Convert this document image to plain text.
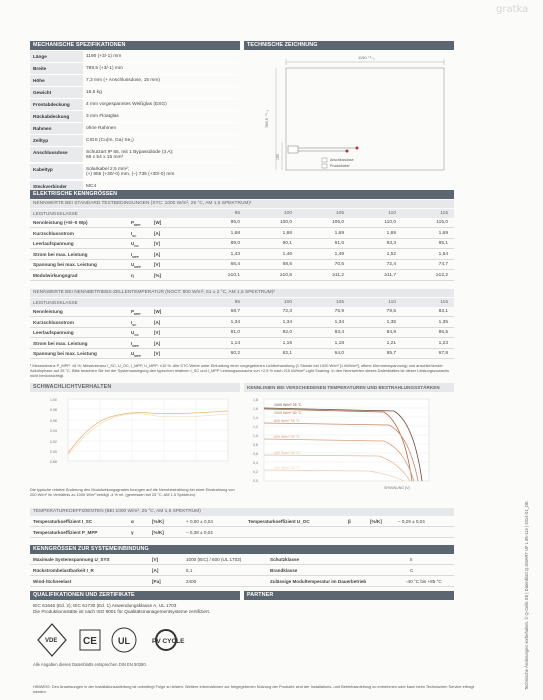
gratka
MECHANISCHE SPEZIFIKATIONEN	TECHNISCHE ZEICHNUNG
Länge	1190 (+3/-1) mm
Breite	789,5 (+3/-1) mm
Höhe	7,3 mm (+ Anschlussdose, 15 mm)
Gewicht	16,5 kg
Frontabdeckung	4 mm vorgespanntes Weißglas (ESG)
Rückabdeckung	3 mm Floatglas
Rahmen	ohne Rahmen
Zelltyp	CIGS (Cu(In, Ga) Se₂)
Anschlussdose	Schutzart IP 65, mit 1 Bypassdiode (3 A);
66 x 54 x 15 mm³
Kabeltyp	Solarkabel 2,5 mm²;
(+) 855 (+30/-0) mm, (–) 735 (+30/-0) mm
Steckverbinder	MC4
1190 ⁺³₋₁
789,5 ⁺³₋₁
150	Anschlussdose
Produktlabel
ELEKTRISCHE KENNGRÖSSEN
NENNWERTE BEI STANDARD TESTBEDINGUNGEN (STC: 1000 W/m², 25 °C, AM 1,5 SPEKTRUM)¹
LEISTUNGSKLASSE	95	100	105	110	115
Nennleistung (+5/–0 Wp)	$P_{MPP}$	[W]	95,0	100,0	105,0	110,0	115,0
Kurzschlussstrom	$I_{SC}$	[A]	1,68	1,68	1,69	1,69	1,69
Leerlaufspannung	$U_{OC}$	[V]	89,0	90,1	91,6	93,3	95,1
Strom bei max. Leistung	$I_{MPP}$	[A]	1,43	1,46	1,49	1,52	1,54
Spannung bei max. Leistung	$U_{MPP}$	[V]	66,4	68,5	70,5	72,4	74,7
Modulwirkungsgrad	η	[%]	≥10,1	≥10,6	≥11,2	≥11,7	≥12,2
NENNWERTE BEI NENNBETRIEBS-ZELLENTEMPERATUR (NOCT: 800 W/m², 51 ± 2 °C, AM 1,5 SPEKTRUM)²
LEISTUNGSKLASSE	95	100	105	110	115
Nennleistung	$P_{MPP}$	[W]	68,7	72,3	75,9	79,5	83,1
Kurzschlussstrom	$I_{SC}$	[A]	1,34	1,34	1,34	1,35	1,35
Leerlaufspannung	$U_{OC}$	[V]	81,0	82,0	83,4	84,9	86,5
Strom bei max. Leistung	$I_{MPP}$	[A]	1,14	1,16	1,18	1,21	1,23
Spannung bei max. Leistung	$U_{MPP}$	[V]	60,2	62,1	64,0	65,7	67,8
¹ Messtoleranz P_MPP: ±5 %; Messtoleranz I_SC, U_OC, I_MPP, U_MPP: ±10 %. Alle STC-Werte unter Einhaltung einer vorgegebenen Lichtbehandlung (1 Stunde bei 1000 W/m² [1 kWh/m²], offene Klemmenspannung) und anschließender Abkühlphase auf 25 °C. Bitte beachten Sie bei der Systemauslegung den typischen relativen I_SC und I_MPP Leistungszuwachs von +2,5 % nach 215 kWh/m² Light Soaking. In den Nennwerten dieses Datenblattes ist dieser Leistungszuwachs nicht berücksichtigt.
SCHWACHLICHTVERHALTEN	KENNLINIEN BEI VERSCHIEDENEN TEMPERATUREN UND BESTRAHLUNGSSTÄRKEN
1,00
0,98
0,96
0,94
0,92
0,90
0,88
Die typische relative Änderung des Modulwirkungsgrades bezogen auf die Nennbestrahlung bei einer Einstrahlung von 200 W/m² im Verhältnis zu 1000 W/m² beträgt -4 % rel. (gemessen bei 25 °C, AM 1,5 Spektrum).
1000 W/m² 25 °C
1000 W/m² 50 °C
800 W/m² 25 °C
600 W/m² 25 °C
400 W/m² 25 °C
200 W/m² 25 °C
1,8
1,6
1,4
1,2
1,0
0,8
0,6
0,4
0,2
0,0
SPANNUNG [V]
TEMPERATURKOEFFIZIENTEN (BEI 1000 W/m², 25 °C, AM 1,5 SPEKTRUM)
Temperaturkoeffizient I_SC	α	[%/K]	+ 0,00 ± 0,04	Temperaturkoeffizient U_OC	β	[%/K]	– 0,29 ± 0,04
Temperaturkoeffizient P_MPP	γ	[%/K]	– 0,38 ± 0,04
KENNGRÖSSEN ZUR SYSTEMEINBINDUNG
Maximale Systemspannung U_SYS	[V]	1000 (IEC) / 600 (UL 1703)	Schutzklasse	II
Rückstrombelastbarkeit I_R	[A]	5,1	Brandklasse	C
Wind-/Schneelast	[Pa]	2400	Zulässige Modultemperatur im Dauerbetrieb	-40 °C bis +85 °C
QUALIFIKATIONEN UND ZERTIFIKATE	PARTNER
IEC 61646 (Ed. 2); IEC 61730 (Ed. 1) Anwendungsklasse A, UL 1703
Die Produktionsstätte ist nach ISO 9001 für Qualitätsmanagementsysteme zertifiziert.
VDE	CE UL	PV CYCLE
Alle Angaben dieses Datenblatts entsprechen DIN EN 50380.
HINWEIS: Den Anweisungen in der Installationsanleitung ist unbedingt Folge zu leisten. Weitere Informationen zur freigegebenen Nutzung der Produkte sind der Installations- und Betriebsanleitung zu entnehmen oder kann beim Technischen Service erfragt werden.
Technische Änderungen vorbehalten. © Q-Cells SE | Datenblatt Q.SMART UF L 85-115 | 2014-01_DE
